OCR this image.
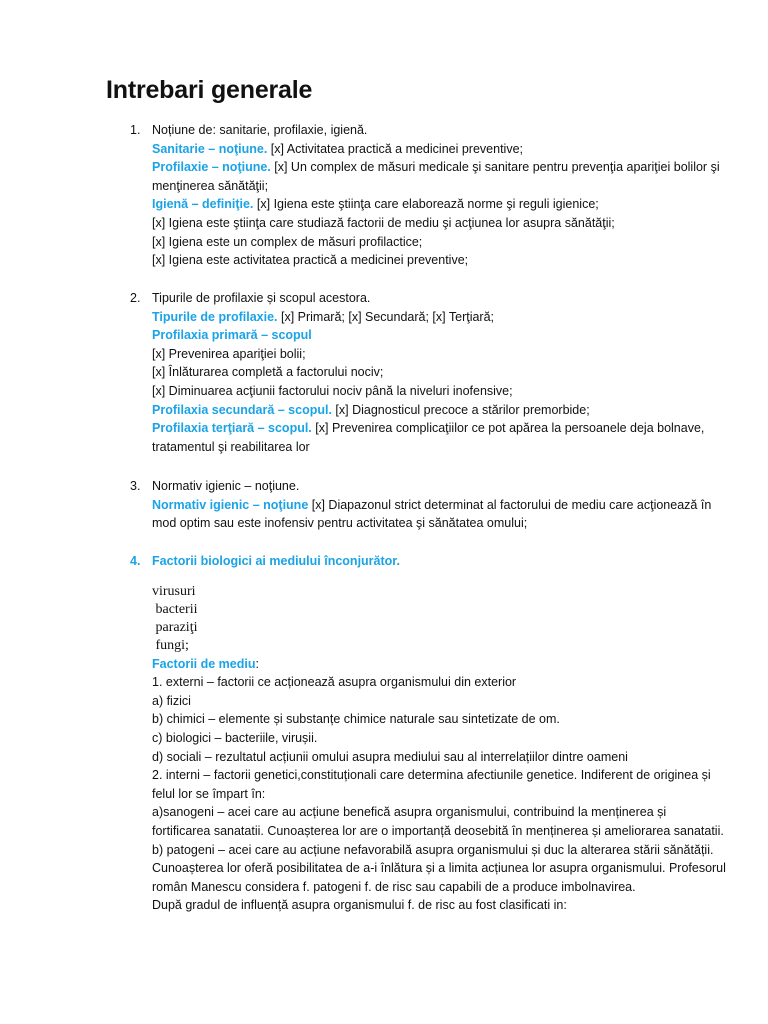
Intrebari generale
1. Noțiune de: sanitarie, profilaxie, igienă.
Sanitarie – noţiune. [x] Activitatea practică a medicinei preventive;
Profilaxie – noţiune. [x] Un complex de măsuri medicale şi sanitare pentru prevenţia apariţiei bolilor şi menţinerea sănătăţii;
Igienă – definiţie. [x] Igiena este ştiinţa care elaborează norme şi reguli igienice;
[x] Igiena este ştiinţa care studiază factorii de mediu şi acţiunea lor asupra sănătăţii;
[x] Igiena este un complex de măsuri profilactice;
[x] Igiena este activitatea practică a medicinei preventive;
2. Tipurile de profilaxie și scopul acestora.
Tipurile de profilaxie. [x] Primară; [x] Secundară; [x] Terţiară;
Profilaxia primară – scopul
[x] Prevenirea apariţiei bolii;
[x] Înlăturarea completă a factorului nociv;
[x] Diminuarea acţiunii factorului nociv până la niveluri inofensive;
Profilaxia secundară – scopul. [x] Diagnosticul precoce a stărilor premorbide;
Profilaxia terţiară – scopul. [x] Prevenirea complicaţiilor ce pot apărea la persoanele deja bolnave, tratamentul şi reabilitarea lor
3. Normativ igienic – noţiune.
Normativ igienic – noţiune [x] Diapazonul strict determinat al factorului de mediu care acţionează în mod optim sau este inofensiv pentru activitatea şi sănătatea omului;
4. Factorii biologici ai mediului înconjurător.
virusuri
bacterii
paraziţi
fungi;
Factorii de mediu:
1. externi – factorii ce acționează asupra organismului din exterior
a) fizici
b) chimici – elemente și substanțe chimice naturale sau sintetizate de om.
c) biologici – bacteriile, virușii.
d) sociali – rezultatul acțiunii omului asupra mediului sau al interrelațiilor dintre oameni
2. interni – factorii genetici,constituționali care determina afectiunile genetice. Indiferent de originea și felul lor se împart în:
a)sanogeni – acei care au acțiune benefică asupra organismului, contribuind la menținerea și fortificarea sanatatii. Cunoașterea lor are o importanță deosebită în menținerea și ameliorarea sanatatii.
b) patogeni – acei care au acțiune nefavorabilă asupra organismului și duc la alterarea stării sănătății. Cunoașterea lor oferă posibilitatea de a-i înlătura și a limita acțiunea lor asupra organismului. Profesorul român Manescu considera f. patogeni f. de risc sau capabili de a produce imbolnavirea.
După gradul de influență asupra organismului f. de risc au fost clasificati in:
